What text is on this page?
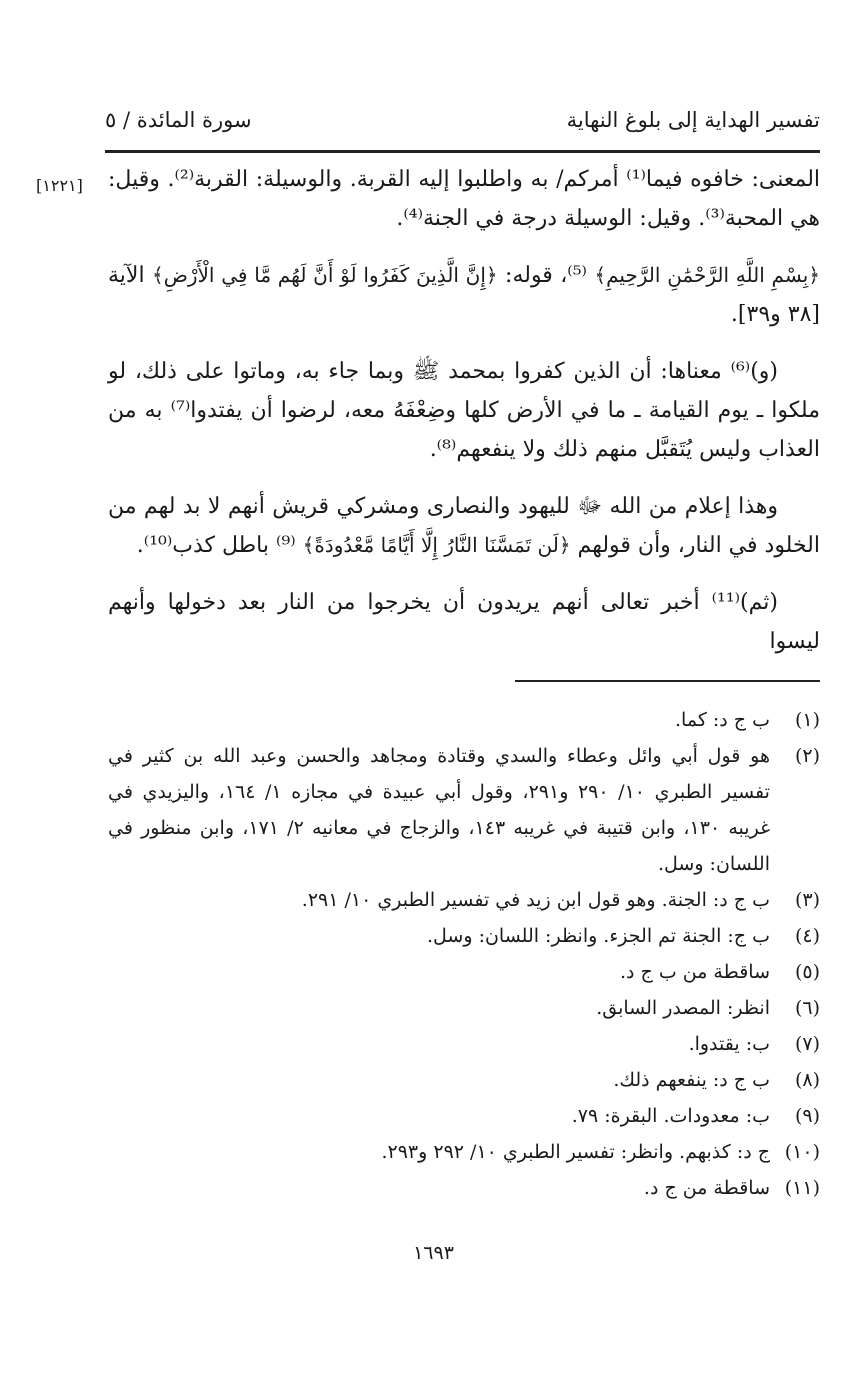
تفسير الهداية إلى بلوغ النهاية
سورة المائدة / ٥
[١٢٢١] المعنى: خافوه فيما⁽¹⁾ أمركم/ به واطلبوا إليه القربة. والوسيلة: القربة⁽²⁾. وقيل: هي المحبة⁽³⁾. وقيل: الوسيلة درجة في الجنة⁽⁴⁾.

﴿بِسْمِ اللَّهِ الرَّحْمَٰنِ الرَّحِيمِ﴾ ⁽⁵⁾، قوله: ﴿إِنَّ الَّذِينَ كَفَرُوا لَوْ أَنَّ لَهُم مَّا فِي الْأَرْضِ﴾ الآية [٣٨ و٣٩].

(و)⁽⁶⁾ معناها: أن الذين كفروا بمحمد ﷺ وبما جاء به، وماتوا على ذلك، لو ملكوا ـ يوم القيامة ـ ما في الأرض كلها وضِعْفَهُ معه، لرضوا أن يفتدوا⁽⁷⁾ به من العذاب وليس يُتَقبَّل منهم ذلك ولا ينفعهم⁽⁸⁾.

وهذا إعلام من الله ﷻ لليهود والنصارى ومشركي قريش أنهم لا بد لهم من الخلود في النار، وأن قولهم ﴿لَن تَمَسَّنَا النَّارُ إِلَّا أَيَّامًا مَّعْدُودَةً﴾ ⁽⁹⁾ باطل كذب⁽¹⁰⁾.

(ثم)⁽¹¹⁾ أخبر تعالى أنهم يريدون أن يخرجوا من النار بعد دخولها وأنهم ليسوا

(١)
ب ج د: كما.
(٢)
هو قول أبي وائل وعطاء والسدي وقتادة ومجاهد والحسن وعبد الله بن كثير في تفسير الطبري ١٠/ ٢٩٠ و٢٩١، وقول أبي عبيدة في مجازه ١/ ١٦٤، واليزيدي في غريبه ١٣٠، وابن قتيبة في غريبه ١٤٣، والزجاج في معانيه ٢/ ١٧١، وابن منظور في اللسان: وسل.
(٣)
ب ج د: الجنة. وهو قول ابن زيد في تفسير الطبري ١٠/ ٢٩١.
(٤)
ب ج: الجنة تم الجزء. وانظر: اللسان: وسل.
(٥)
ساقطة من ب ج د.
(٦)
انظر: المصدر السابق.
(٧)
ب: يقتدوا.
(٨)
ب ج د: ينفعهم ذلك.
(٩)
ب: معدودات. البقرة: ٧٩.
(١٠)
ج د: كذبهم. وانظر: تفسير الطبري ١٠/ ٢٩٢ و٢٩٣.
(١١)
ساقطة من ج د.
١٦٩٣
